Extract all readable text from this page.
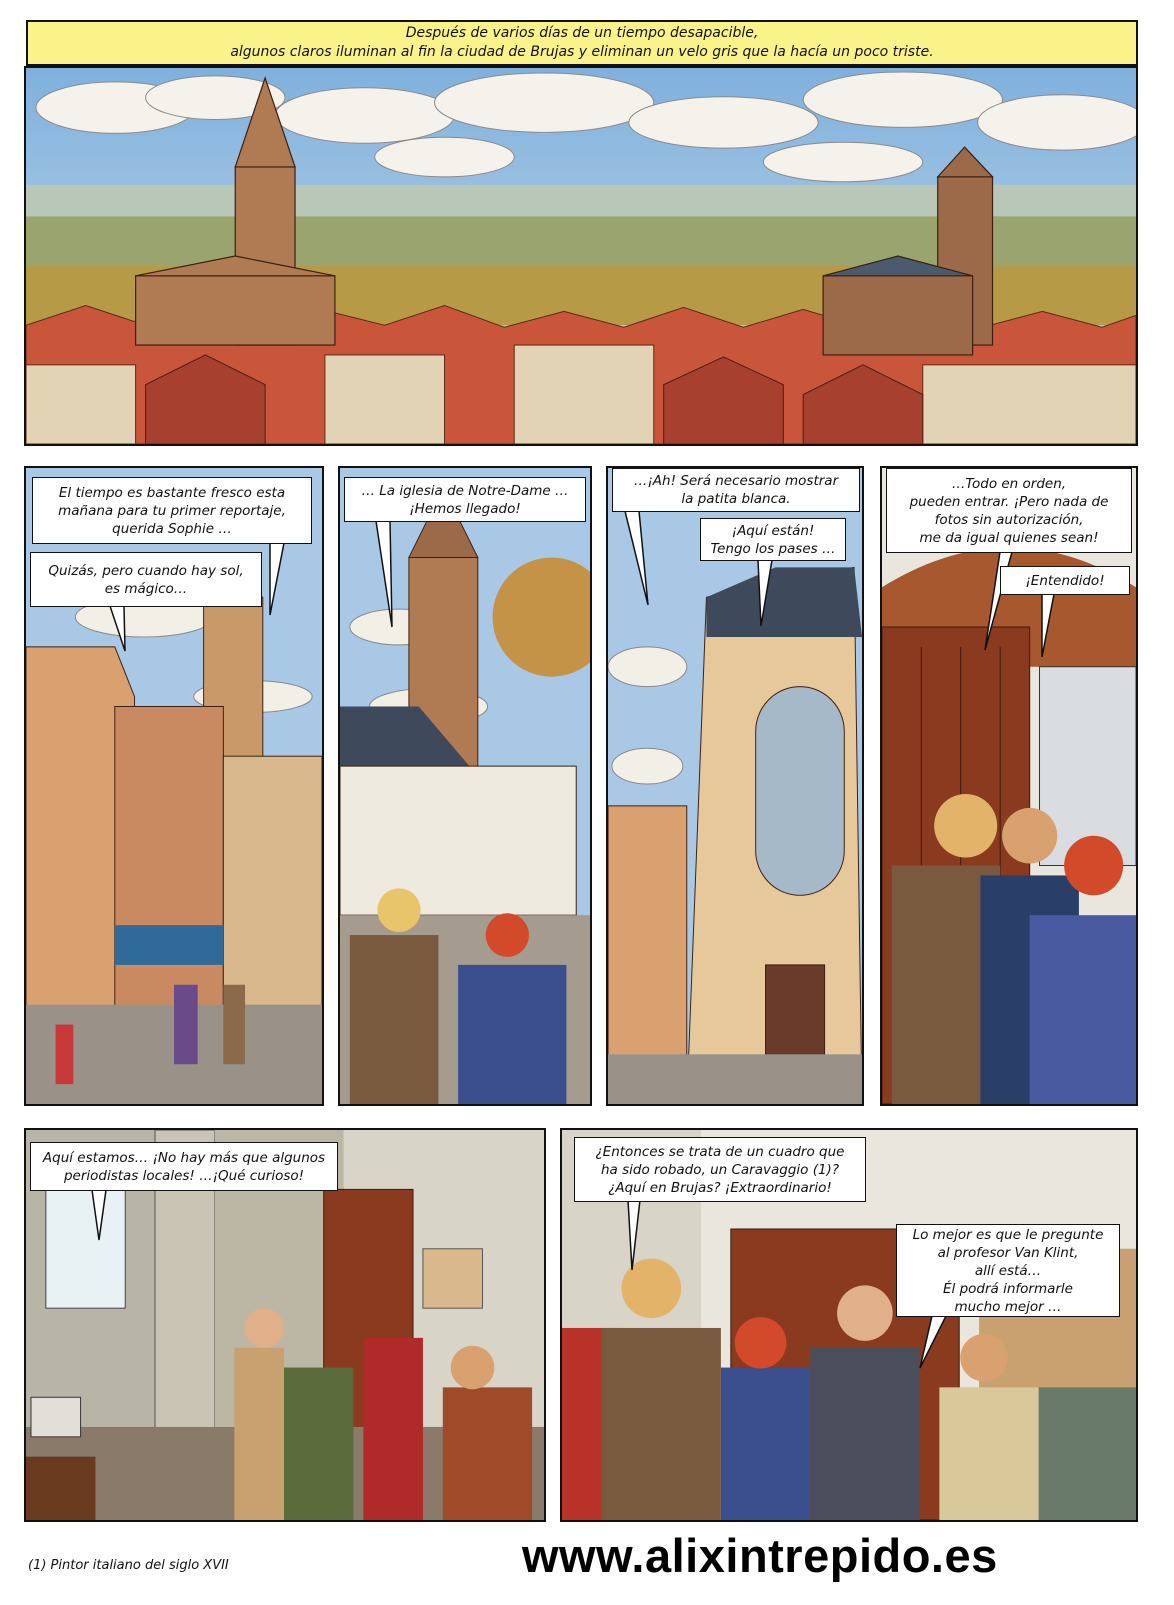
Después de varios días de un tiempo desapacible,
algunos claros iluminan al fin la ciudad de Brujas y eliminan un velo gris que la hacía un poco triste.
El tiempo es bastante fresco esta
mañana para tu primer reportaje,
querida Sophie …
Quizás, pero cuando hay sol,
es mágico…
… La iglesia de Notre-Dame …
¡Hemos llegado!
…¡Ah! Será necesario mostrar
la patita blanca.
¡Aquí están!
Tengo los pases …
…Todo en orden,
pueden entrar. ¡Pero nada de
fotos sin autorización,
me da igual quienes sean!
¡Entendido!
Aquí estamos… ¡No hay más que algunos
periodistas locales! …¡Qué curioso!
¿Entonces se trata de un cuadro que
ha sido robado, un Caravaggio (1)?
¿Aquí en Brujas? ¡Extraordinario!
Lo mejor es que le pregunte
al profesor Van Klint,
allí está…
Él podrá informarle
mucho mejor …
(1) Pintor italiano del siglo XVII	www.alixintrepido.es
